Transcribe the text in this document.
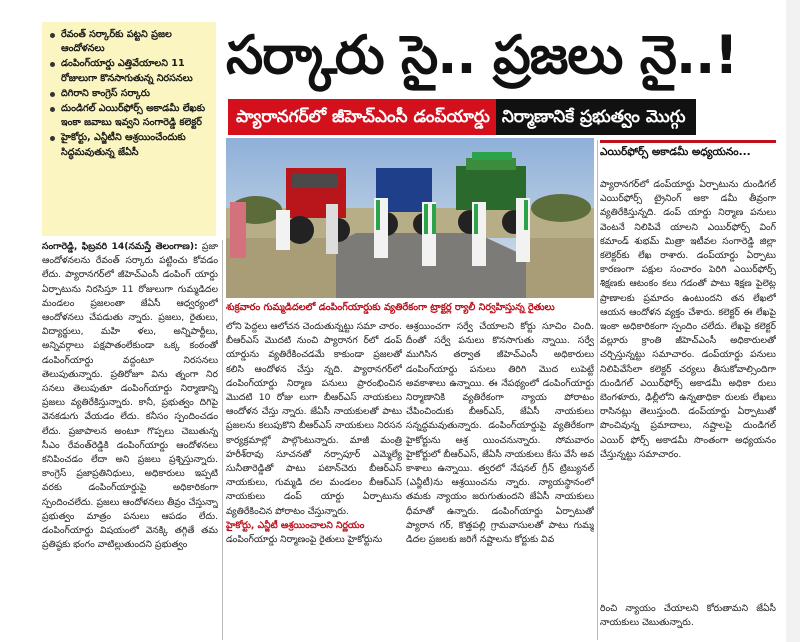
రేవంత్ సర్కార్‌కు పట్టని ప్రజల ఆందోళనలు
డంపింగ్‌యార్డు ఎత్తివేయాలని 11 రోజులుగా కొనసాగుతున్న నిరసనలు
దిగిరాని కాంగ్రెస్ సర్కారు
దుండిగల్ ఎయిర్‌ఫోర్స్ అకాడమీ లేఖకు ఇంకా జవాబు ఇవ్వని సంగారెడ్డి కలెక్టర్
హైకోర్టు, ఎన్జీటీని ఆశ్రయించేందుకు సిద్ధమవుతున్న జేఏసీ
సర్కారు సై.. ప్రజలు నై..!
ప్యారానగర్‌లో జీహెచ్‌ఎంసీ డంప్‌యార్డు నిర్మాణానికే ప్రభుత్వం మొగ్గు
శుక్రవారం గుమ్మడిదలలో డంపింగ్‌యార్డుకు వ్యతిరేకంగా ట్రాక్టర్ల ర్యాలీ నిర్వహిస్తున్న రైతులు
సంగారెడ్డి, ఫిబ్రవరి 14(నమస్తే తెలంగాణ): ప్రజా ఆందోళనలను రేవంత్ సర్కారు పట్టించు కోవడం లేదు. ప్యారానగర్‌లో జీహెచ్‌ఎంసీ డంపింగ్ యార్డు ఏర్పాటును నిరసిస్తూ 11 రోజులుగా గుమ్మడిదల మండలం ప్రజలంతా జేఏసీ ఆధ్వర్యంలో ఆందోళనలు చేపడుతు న్నారు. ప్రజలు, రైతులు, విద్యార్థులు, మహి ళలు, అన్నిపార్టీలు, అన్నివర్గాలు పక్షపాతంలేకుండా ఒక్క కంఠంతో డంపింగ్‌యార్డు వద్దంటూ నిరసనలు తెలుపుతున్నారు. ప్రతిరోజూ విను త్నంగా నిర సనలు తెలుపుతూ డంపింగ్‌యార్డు నిర్మాణాన్ని ప్రజలు వ్యతిరేకిస్తున్నారు. కానీ, ప్రభుత్వం దిగిపై వెనకడుగు వేయడం లేదు. కనీసం స్పందించడం లేదు. ప్రజాపాలన అంటూ గొప్పలు చెబుతున్న సీఎం రేవంత్‌రెడ్డికి డంపింగ్‌యార్డు ఆందోళనలు కనిపించడం లేదా అని ప్రజలు ప్రశ్నిస్తున్నారు. కాంగ్రెస్ ప్రజాప్రతినిధులు, అధికారులు ఇప్పటి వరకు డంపింగ్‌యార్డుపై అధికారికంగా స్పందించలేదు. ప్రజలు ఆందోళనలు తీవ్రం చేస్తున్నా ప్రభుత్వం మాత్రం పనులు ఆపడం లేదు. డంపింగ్‌యార్డు విషయంలో వెనక్కి తగ్గితే తమ ప్రతిష్ఠకు భంగం వాటిల్లుతుందని ప్రభుత్వం
లోని పెద్దలు ఆలోచన చెందుతున్నట్టు సమా చారం. బీఆర్‌ఎస్ మొదటి నుంచి ప్యారానగ ర్‌లో డంప్ యార్డును వ్యతిరేకించడమే కాకుండా ప్రజలతో కలిసి ఆందోళన చేస్తు న్నది. ప్యారానగర్‌లో డంపింగ్‌యార్డు నిర్మాణ పనులు ప్రారంభించిన మొదటి 10 రోజు లుగా బీఆర్‌ఎస్ నాయకులు ఆందోళన చేస్తు న్నారు. జేఏసీ నాయకులతో పాటు ప్రజలను కలుపుకొని బీఆర్‌ఎస్ నాయకులు నిరసన కార్యక్రమాల్లో పాల్గొంటున్నారు. మాజీ మంత్రి హరీశ్‌రావు సూచనతో నర్సాపూర్ ఎమ్మెల్యే సునీతారెడ్డితో పాటు పటాన్‌చెరు బీఆర్‌ఎస్ నాయకులు, గుమ్మడి దల మండలం బీఆర్‌ఎస్ నాయకులు డంప్ యార్డు ఏర్పాటును వ్యతిరేకించిన పోరాటం చేస్తున్నారు.
హైకోర్టు, ఎన్జీటీ ఆశ్రయించాలని నిర్ణయం
డంపింగ్‌యార్డు నిర్మాణంపై రైతులు హైకోర్టును
ఆశ్రయించగా సర్వే చేయాలని కోర్టు సూచిం చింది. దీంతో సర్వే పనులు కొనసాగుతు న్నాయి. సర్వే ముగిసిన తర్వాత జీహెచ్‌ఎంసీ అధికారులు డంపింగ్‌యార్డు పనులు తిరిగి మొద లుపెట్టే అవకాశాలు ఉన్నాయి. ఈ నేపథ్యంలో డంపింగ్‌యార్డు నిర్మాణానికి వ్యతిరేకంగా న్యాయ పోరాటం చేపించిందుకు బీఆర్‌ఎస్, జేఏసీ నాయకులు సన్నద్ధమవుతున్నారు. డంపింగ్‌యార్డుపై వ్యతిరేకంగా హైకోర్టును ఆశ్ర యించనున్నారు. సోమవారం హైకోర్టులో బీఆర్‌ఎస్, జేఏసీ నాయకులు కేసు వేసే అవ కాశాలు ఉన్నాయి. త్వరలో నేషనల్ గ్రీన్ ట్రిబ్యునల్ (ఎన్జీటీ)ను ఆశ్రయించను న్నారు. న్యాయస్థానంలో తమకు న్యాయం జరుగుతుందని జేఏసీ నాయకులు ధీమాతో ఉన్నారు. డంపింగ్‌యార్డు ఏర్పాటుతో ప్యారాన గర్, కొత్తపల్లి గ్రామవాసులతో పాటు గుమ్మ డిదల ప్రజలకు జరిగే నష్టాలను కోర్టుకు వివ
ఎయిర్‌ఫోర్స్ అకాడమీ అధ్యయనం...
ప్యారానగర్‌లో డంప్‌యార్డు ఏర్పాటును దుండిగల్ ఎయిర్‌ఫోర్స్ ట్రైనింగ్ అకా డమీ తీవ్రంగా వ్యతిరేకిస్తున్నది. డంప్ యార్డు నిర్మాణ పనులు వెంటనే నిలిపివే యాలని ఎయిర్‌ఫోర్స్ వింగ్ కమాండ్ శుభమ్ మిత్రా ఇటీవల సంగారెడ్డి జిల్లా కలెక్టర్‌కు లేఖ రాశారు. డంప్‌యార్డు ఏర్పాటు కారణంగా పక్షుల సంచారం పెరిగి ఎయిర్‌ఫోర్స్ శిక్షణకు ఆటంకం కలు గడంతో పాటు శిక్షణ పైలెట్ల ప్రాణాలకు ప్రమాదం ఉంటుందని తన లేఖలో ఆయన ఆందోళన వ్యక్తం చేశారు. కలెక్టర్ ఈ లేఖపై ఇంకా అధికారికంగా స్పందిం చలేదు. లేఖపై కలెక్టర్ వల్లూరు క్రాంతి జీహెచ్‌ఎంసీ అధికారులతో చర్చిస్తున్నట్టు సమాచారం. డంప్‌యార్డు పనులు నిలిపివేసేలా కలెక్టర్ చర్యలు తీసుకోవాల్సిందిగా దుండిగల్ ఎయిర్‌ఫోర్స్ అకాడమీ అధికా రులు బెంగళూరు, ఢిల్లీలోని ఉన్నతాధికా రులకు లేఖలు రాసినట్లు తెలుస్తుంది. డంప్‌యార్డు ఏర్పాటుతో పొంచివున్న ప్రమాదాలు, నష్టాలపై దుండిగల్ ఎయిర్ ఫోర్స్ అకాడమీ సొంతంగా అధ్యయనం చేస్తున్నట్టు సమాచారం.
రించి న్యాయం చేయాలని కోరుతామని జేఏసీ నాయకులు చెబుతున్నారు.
